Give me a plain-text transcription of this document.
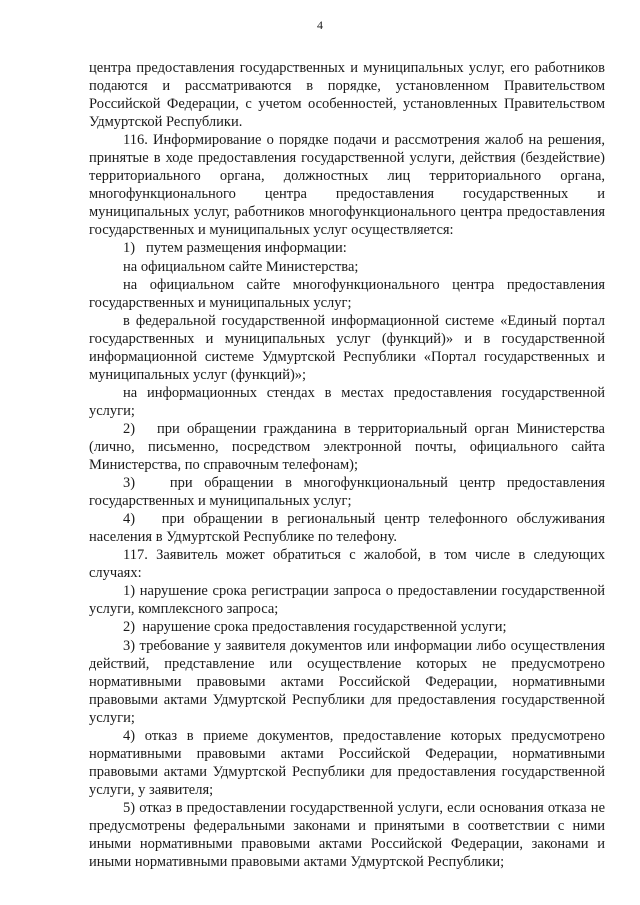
4

центра предоставления государственных и муниципальных услуг, его работников подаются и рассматриваются в порядке, установленном Правительством Российской Федерации, с учетом особенностей, установленных Правительством Удмуртской Республики.

116. Информирование о порядке подачи и рассмотрения жалоб на решения, принятые в ходе предоставления государственной услуги, действия (бездействие) территориального органа, должностных лиц территориального органа, многофункционального центра предоставления государственных и муниципальных услуг, работников многофункционального центра предоставления государственных и муниципальных услуг осуществляется:

1)   путем размещения информации:

на официальном сайте Министерства;

на официальном сайте многофункционального центра предоставления государственных и муниципальных услуг;

в федеральной государственной информационной системе «Единый портал государственных и муниципальных услуг (функций)» и в государственной информационной системе Удмуртской Республики «Портал государственных и муниципальных услуг (функций)»;

на информационных стендах в местах предоставления государственной услуги;

2)   при обращении гражданина в территориальный орган Министерства (лично, письменно, посредством электронной почты, официального сайта Министерства, по справочным телефонам);

3)   при обращении в многофункциональный центр предоставления государственных и муниципальных услуг;

4)   при обращении в региональный центр телефонного обслуживания населения в Удмуртской Республике по телефону.

117. Заявитель может обратиться с жалобой, в том числе в следующих случаях:

1) нарушение срока регистрации запроса о предоставлении государственной услуги, комплексного запроса;

2)  нарушение срока предоставления государственной услуги;

3) требование у заявителя документов или информации либо осуществления действий, представление или осуществление которых не предусмотрено нормативными правовыми актами Российской Федерации, нормативными правовыми актами Удмуртской Республики для предоставления государственной услуги;

4) отказ в приеме документов, предоставление которых предусмотрено нормативными правовыми актами Российской Федерации, нормативными правовыми актами Удмуртской Республики для предоставления государственной услуги, у заявителя;

5) отказ в предоставлении государственной услуги, если основания отказа не предусмотрены федеральными законами и принятыми в соответствии с ними иными нормативными правовыми актами Российской Федерации, законами и иными нормативными правовыми актами Удмуртской Республики;
